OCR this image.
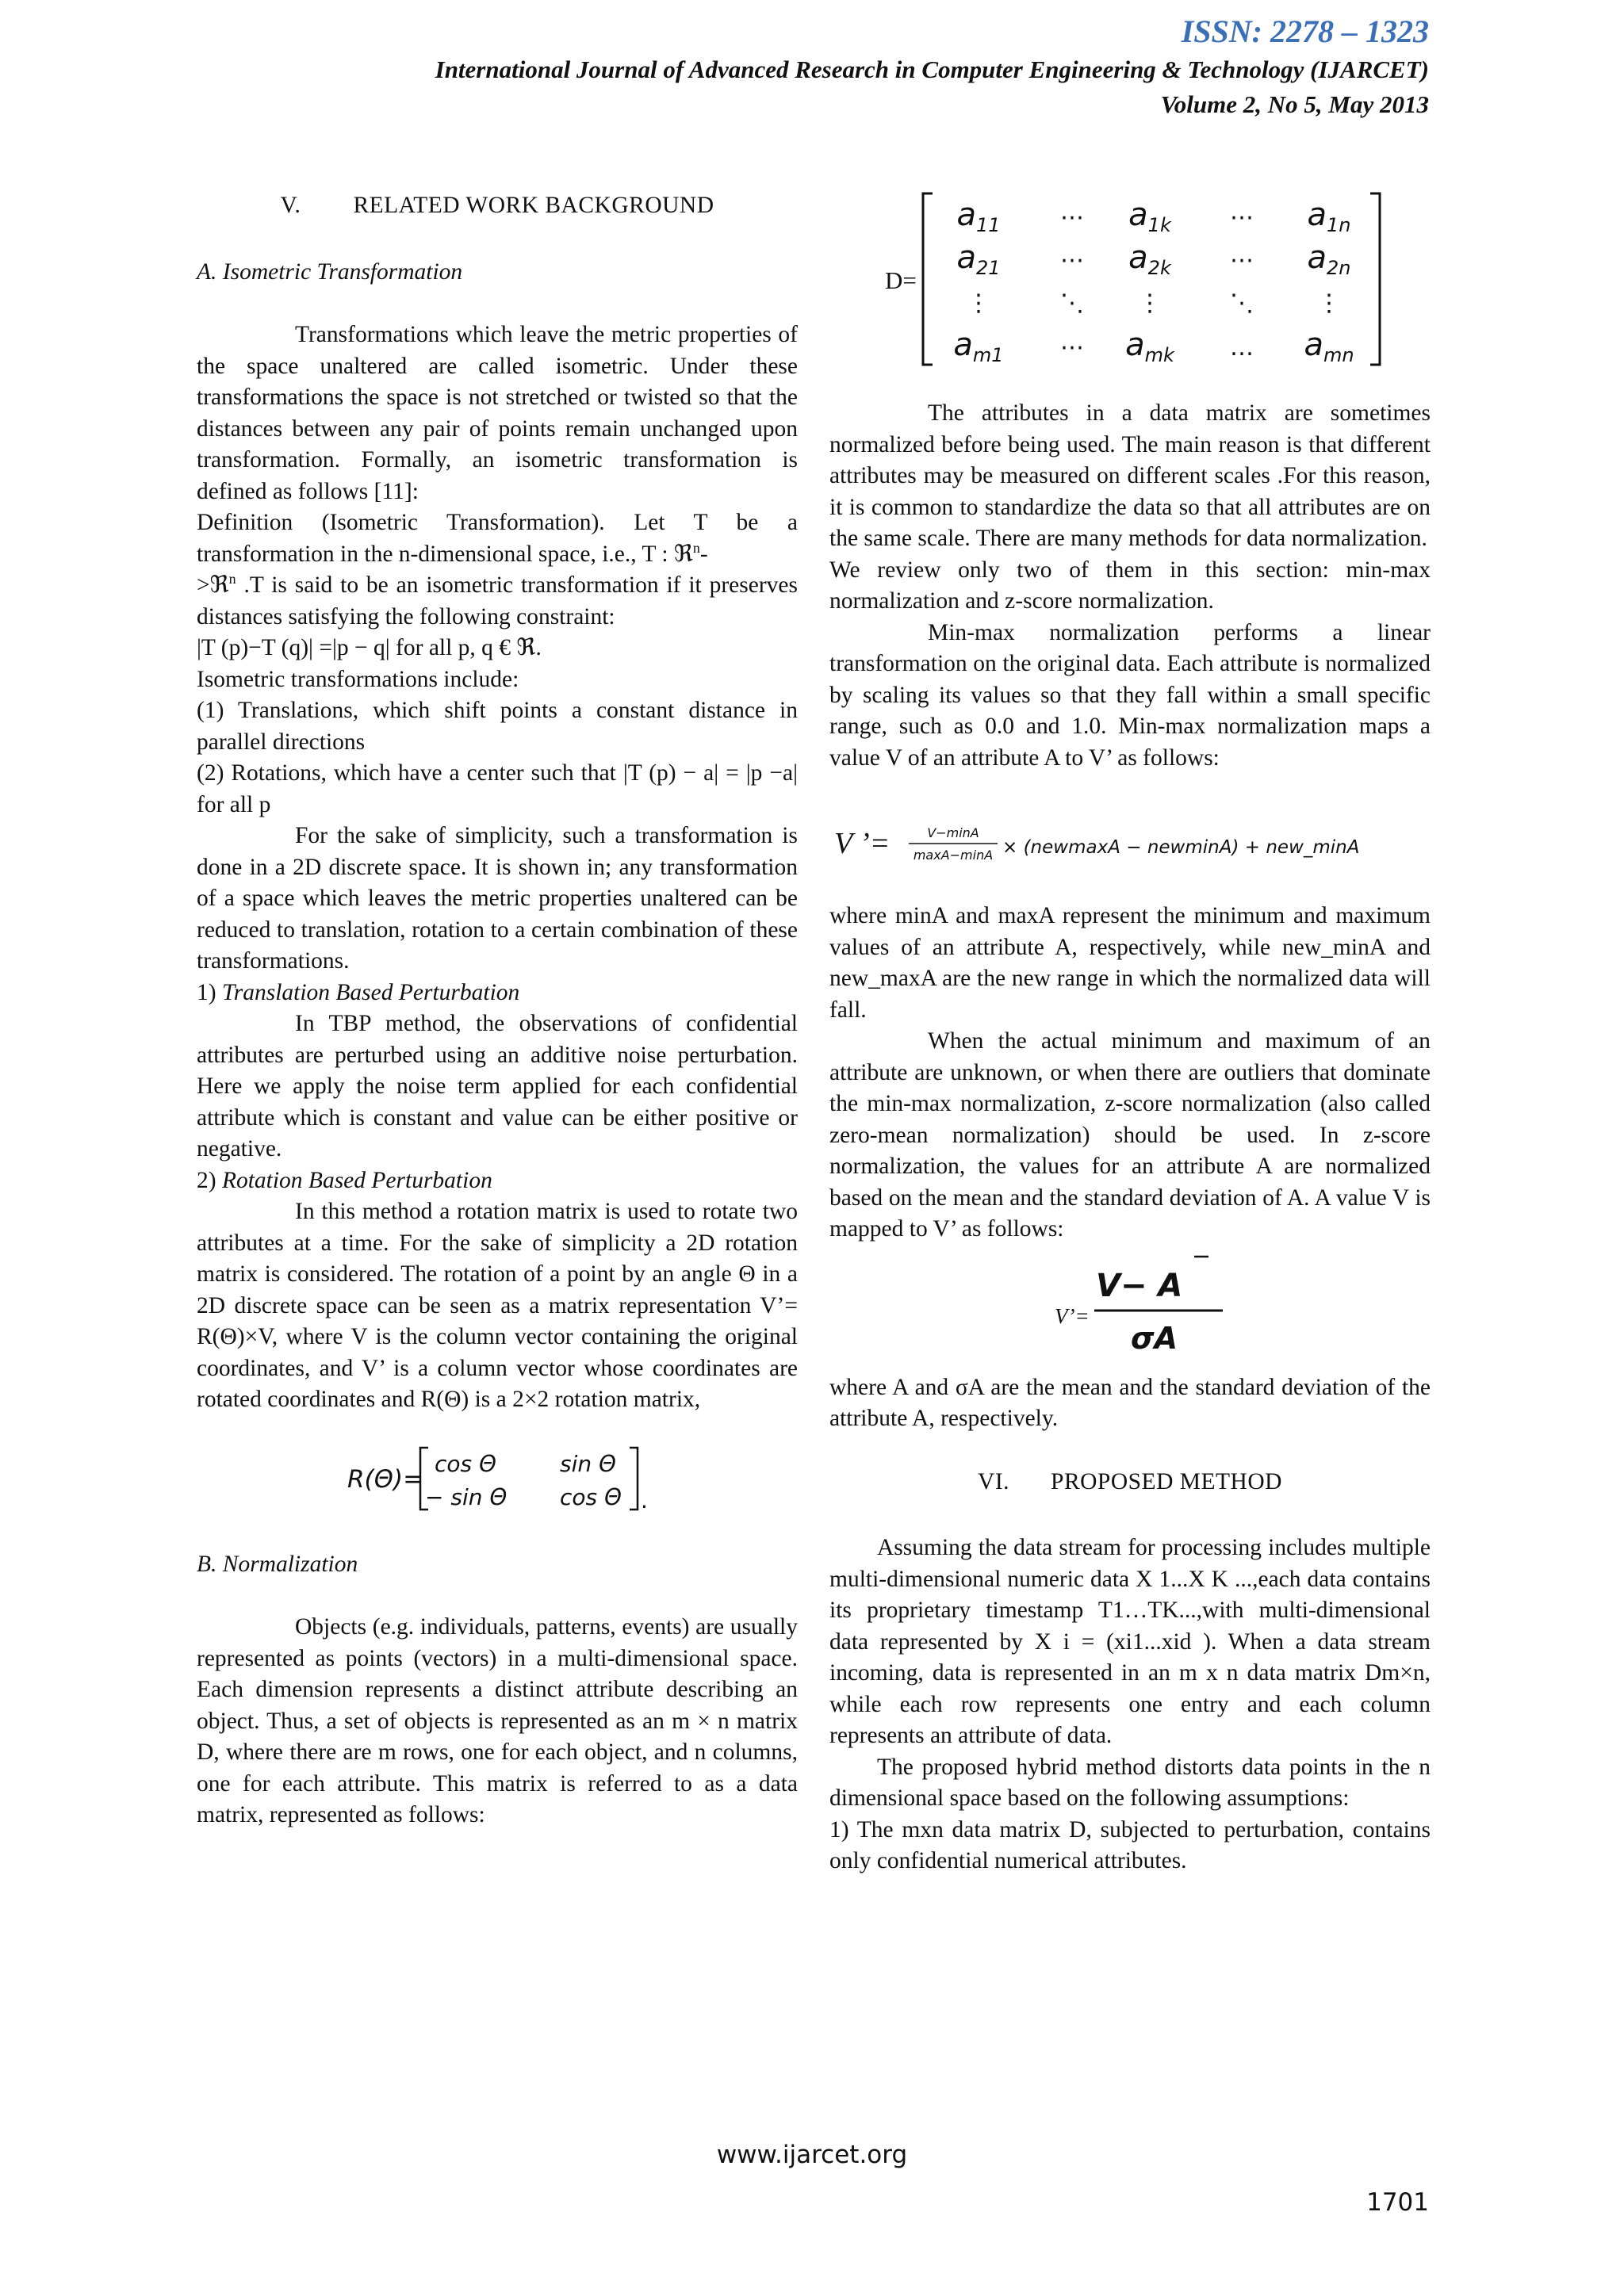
ISSN: 2278 – 1323
International Journal of Advanced Research in Computer Engineering & Technology (IJARCET)
Volume 2, No 5, May 2013

V. RELATED WORK BACKGROUND

A. Isometric Transformation

Transformations which leave the metric properties of the space unaltered are called isometric. Under these transformations the space is not stretched or twisted so that the distances between any pair of points remain unchanged upon transformation. Formally, an isometric transformation is defined as follows [11]:

Definition (Isometric Transformation). Let T be a transformation in the n-dimensional space, i.e., T : ℜ$^n$-
>ℜ$^n$ .T is said to be an isometric transformation if it preserves distances satisfying the following constraint:

|T (p)−T (q)| =|p − q| for all p, q € ℜ.

Isometric transformations include:

(1) Translations, which shift points a constant distance in parallel directions

(2) Rotations, which have a center such that |T (p) − a| = |p −a| for all p

For the sake of simplicity, such a transformation is done in a 2D discrete space. It is shown in; any transformation of a space which leaves the metric properties unaltered can be reduced to translation, rotation to a certain combination of these transformations.

1) Translation Based Perturbation

In TBP method, the observations of confidential attributes are perturbed using an additive noise perturbation. Here we apply the noise term applied for each confidential attribute which is constant and value can be either positive or negative.

2) Rotation Based Perturbation

In this method a rotation matrix is used to rotate two attributes at a time. For the sake of simplicity a 2D rotation matrix is considered. The rotation of a point by an angle Θ in a 2D discrete space can be seen as a matrix representation V’= R(Θ)×V, where V is the column vector containing the original coordinates, and V’ is a column vector whose coordinates are rotated coordinates and R(Θ) is a 2×2 rotation matrix,

R(Θ)=
cos Θ	sin Θ
− sin Θ cos Θ .

B. Normalization

Objects (e.g. individuals, patterns, events) are usually represented as points (vectors) in a multi-dimensional space. Each dimension represents a distinct attribute describing an object. Thus, a set of objects is represented as an m × n matrix D, where there are m rows, one for each object, and n columns, one for each attribute. This matrix is referred to as a data matrix, represented as follows:

D=
$a_{11}$	⋯ $a_{1k}$ ⋯ $a_{1n}$
$a_{21}$	⋯ $a_{2k}$ ⋯ $a_{2n}$
⋮	⋱ ⋮	⋱	⋮
$a_{m1}$ ⋯ $a_{mk}$ … $a_{mn}$

The attributes in a data matrix are sometimes normalized before being used. The main reason is that different attributes may be measured on different scales .For this reason, it is common to standardize the data so that all attributes are on the same scale. There are many methods for data normalization.

We review only two of them in this section: min-max normalization and z-score normalization.

Min-max normalization performs a linear transformation on the original data. Each attribute is normalized by scaling its values so that they fall within a small specific range, such as 0.0 and 1.0. Min-max normalization maps a value V of an attribute A to V’ as follows:

V ’=	V−minA
maxA−minA × (newmaxA − newminA) + new_minA

where minA and maxA represent the minimum and maximum values of an attribute A, respectively, while new_minA and new_maxA are the new range in which the normalized data will fall.

When the actual minimum and maximum of an attribute are unknown, or when there are outliers that dominate the min-max normalization, z-score normalization (also called zero-mean normalization) should be used. In z-score normalization, the values for an attribute A are normalized based on the mean and the standard deviation of A. A value V is mapped to V’ as follows:

V’=
V− A
σA

where A and σA are the mean and the standard deviation of the attribute A, respectively.

VI. PROPOSED METHOD

Assuming the data stream for processing includes multiple multi-dimensional numeric data X 1...X K ...,each data contains its proprietary timestamp T1…TK...,with multi-dimensional data represented by X i = (xi1...xid ). When a data stream incoming, data is represented in an m x n data matrix Dm×n, while each row represents one entry and each column represents an attribute of data.

The proposed hybrid method distorts data points in the n dimensional space based on the following assumptions:

1) The mxn data matrix D, subjected to perturbation, contains only confidential numerical attributes.

www.ijarcet.org
1701
